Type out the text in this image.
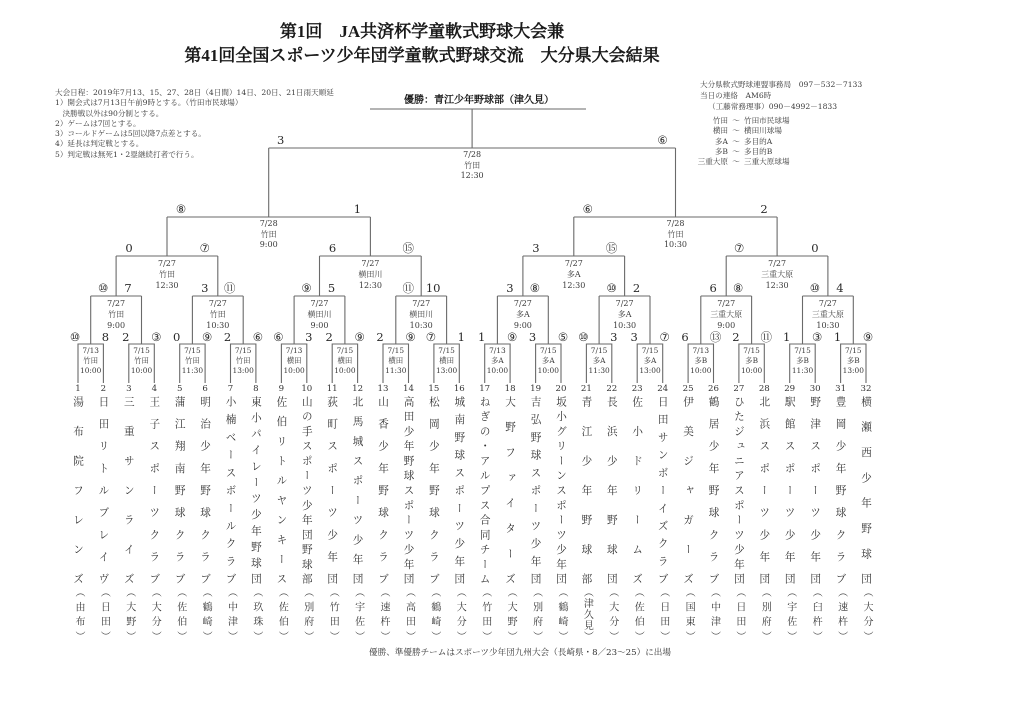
第1回　JA共済杯学童軟式野球大会兼
第41回全国スポーツ少年団学童軟式野球交流　大分県大会結果
大会日程：2019年7月13、15、27、28日（4日間）14日、20日、21日雨天順延
1）開会式は7月13日午前9時とする。（竹田市民球場）
　決勝戦以外は90分制とする。
2）ゲームは7回とする。
3）コールドゲームは5回以降7点差とする。
4）延長は判定戦とする。
5）判定戦は無死1・2塁継続打者で行う。
大分県軟式野球連盟事務局　097－532－7133
当日の連絡　AM6時
（工藤常務理事）090－4992－1833
竹田 ～ 竹田市民球場
横田 ～ 横田川球場
多A ～ 多目的A
多B ～ 多目的B
三重大原 ～ 三重大原球場
優勝：青江少年野球部（津久見）
3	⑥
7/28
竹田
12:30
⑧	1
7/28
竹田
9:00
⑥	2
7/28
竹田
10:30
0	⑦
7/27
竹田
12:30
6	⑮
7/27
横田川
12:30
3	⑮
7/27
多A
12:30
⑦	0
7/27
三重大原
12:30
⑩ 7
7/27
竹田
9:00
3 ⑪
7/27
竹田
10:30
⑨ 5
7/27
横田川
9:00
⑪ 10
7/27
横田川
10:30
3 ⑧
7/27
多A
9:00
⑩ 2
7/27
多A
10:30
6 ⑧
7/27
三重大原
9:00
⑩ 4
7/27
三重大原
10:30
⑩ 8
7/13
竹田
10:00
2 ③
7/15
竹田
10:00
0 ⑨
7/15
竹田
11:30
2 ⑥
7/15
竹田
13:00
⑥ 3
7/13
横田
10:00
2 ⑨
7/15
横田
10:00
2 ⑨
7/15
横田
11:30
⑦ 1
7/15
横田
13:00
1 ⑨
7/13
多A
10:00
3 ⑤
7/15
多A
10:00
⑩ 3
7/15
多A
11:30
3 ⑦
7/15
多A
13:00
6 ⑬
7/13
多B
10:00
2 ⑪
7/15
多B
10:00
1 ③
7/15
多B
11:30
1 ⑨
7/15
多B
13:00
1
湯布院フレンズ
（由布）
2
日田リトルブレイヴ
（日田）
3
三重サンライズ
（大野）
4
王子スポーツクラブ
（大分）
5
蒲江翔南野球クラブ
（佐伯）
6
明治少年野球クラブ
（鶴崎）
7
小楠ベースボールクラブ
（中津）
8
東小パイレーツ少年野球団
（玖珠）
9
佐伯リトルヤンキース
（佐伯）
10
山の手スポーツ少年団野球部
（別府）
11
荻町スポーツ少年団
（竹田）
12
北馬城スポーツ少年団
（宇佐）
13
山香少年野球クラブ
（速杵）
14
高田少年野球スポーツ少年団
（高田）
15
松岡少年野球クラブ
（鶴崎）
16
城南野球スポーツ少年団
（大分）
17
ねぎの・アルプス合同チーム
（竹田）
18
大野ファイターズ
（大野）
19
吉弘野球スポーツ少年団
（別府）
20
坂小グリーンスポーツ少年団
（鶴崎）
21
青江少年野球部
（津久見）
22
長浜少年野球団
（大分）
23
佐小ドリームズ
（佐伯）
24
日田サンボーイズクラブ
（日田）
25
伊美ジャガーズ
（国東）
26
鶴居少年野球クラブ
（中津）
27
ひたジュニアスポーツ少年団
（日田）
28
北浜スポーツ少年団
（別府）
29
駅館スポーツ少年団
（宇佐）
30
野津スポーツ少年団
（臼杵）
31
豊岡少年野球クラブ
（速杵）
32
横瀬西少年野球団
（大分）
優勝、準優勝チームはスポーツ少年団九州大会（長崎県・8／23～25）に出場
